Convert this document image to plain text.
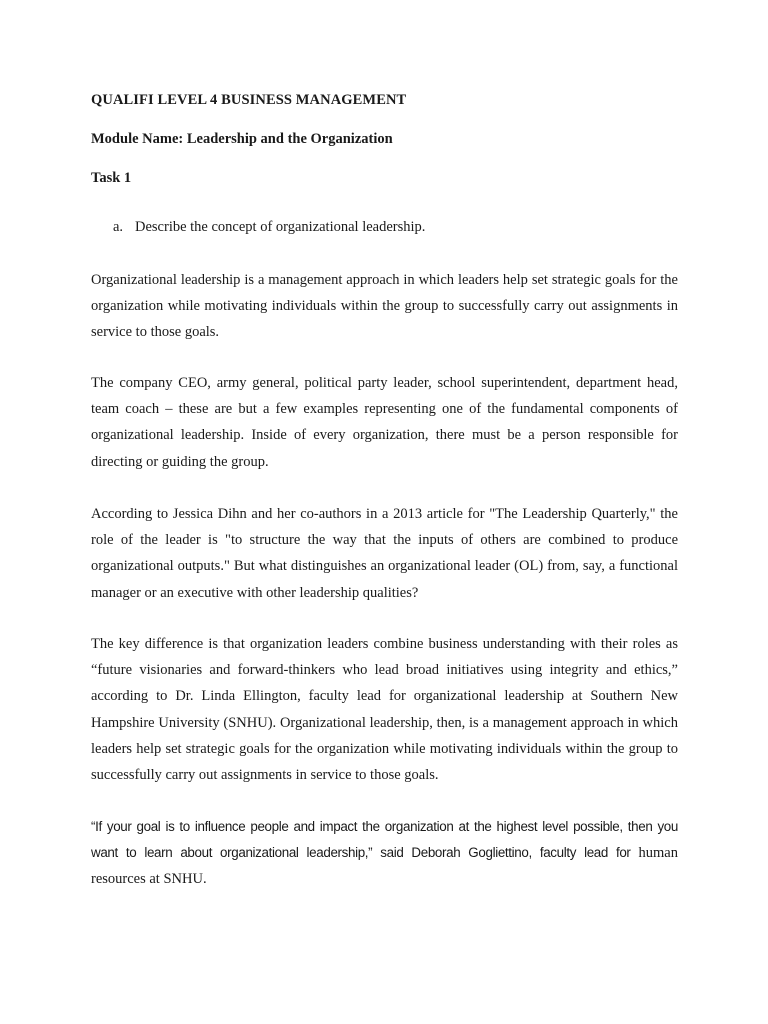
QUALIFI LEVEL 4 BUSINESS MANAGEMENT
Module Name: Leadership and the Organization
Task 1
a. Describe the concept of organizational leadership.

Organizational leadership is a management approach in which leaders help set strategic goals for the organization while motivating individuals within the group to successfully carry out assignments in service to those goals.

The company CEO, army general, political party leader, school superintendent, department head, team coach – these are but a few examples representing one of the fundamental components of organizational leadership. Inside of every organization, there must be a person responsible for directing or guiding the group.

According to Jessica Dihn and her co-authors in a 2013 article for "The Leadership Quarterly," the role of the leader is "to structure the way that the inputs of others are combined to produce organizational outputs." But what distinguishes an organizational leader (OL) from, say, a functional manager or an executive with other leadership qualities?

The key difference is that organization leaders combine business understanding with their roles as “future visionaries and forward-thinkers who lead broad initiatives using integrity and ethics,” according to Dr. Linda Ellington, faculty lead for organizational leadership at Southern New Hampshire University (SNHU). Organizational leadership, then, is a management approach in which leaders help set strategic goals for the organization while motivating individuals within the group to successfully carry out assignments in service to those goals.

“If your goal is to influence people and impact the organization at the highest level possible, then you want to learn about organizational leadership,” said Deborah Gogliettino, faculty lead for human resources at SNHU.
